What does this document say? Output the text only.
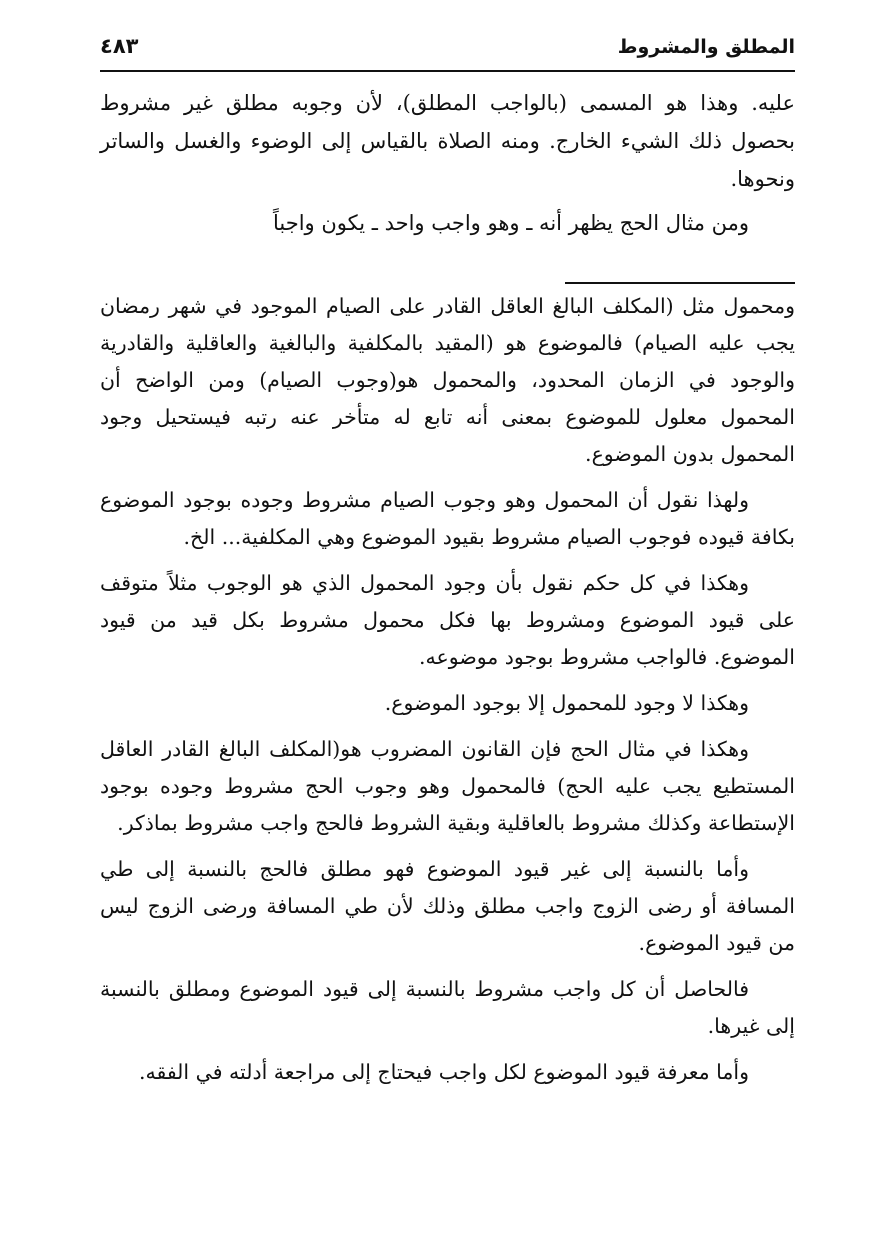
المطلق والمشروط
٤٨٣

عليه. وهذا هو المسمى (بالواجب المطلق)، لأن وجوبه مطلق غير مشروط بحصول ذلك الشيء الخارج. ومنه الصلاة بالقياس إلى الوضوء والغسل والساتر ونحوها.

ومن مثال الحج يظهر أنه ـ وهو واجب واحد ـ يكون واجباً

ومحمول مثل (المكلف البالغ العاقل القادر على الصيام الموجود في شهر رمضان يجب عليه الصيام) فالموضوع هو (المقيد بالمكلفية والبالغية والعاقلية والقادرية والوجود في الزمان المحدود، والمحمول هو(وجوب الصيام) ومن الواضح أن المحمول معلول للموضوع بمعنى أنه تابع له متأخر عنه رتبه فيستحيل وجود المحمول بدون الموضوع.

ولهذا نقول أن المحمول وهو وجوب الصيام مشروط وجوده بوجود الموضوع بكافة قيوده فوجوب الصيام مشروط بقيود الموضوع وهي المكلفية... الخ.

وهكذا في كل حكم نقول بأن وجود المحمول الذي هو الوجوب مثلاً متوقف على قيود الموضوع ومشروط بها فكل محمول مشروط بكل قيد من قيود الموضوع. فالواجب مشروط بوجود موضوعه.

وهكذا لا وجود للمحمول إلا بوجود الموضوع.

وهكذا في مثال الحج فإن القانون المضروب هو(المكلف البالغ القادر العاقل المستطيع يجب عليه الحج) فالمحمول وهو وجوب الحج مشروط وجوده بوجود الإستطاعة وكذلك مشروط بالعاقلية وبقية الشروط فالحج واجب مشروط بماذكر.

وأما بالنسبة إلى غير قيود الموضوع فهو مطلق فالحج بالنسبة إلى طي المسافة أو رضى الزوج واجب مطلق وذلك لأن طي المسافة ورضى الزوج ليس من قيود الموضوع.

فالحاصل أن كل واجب مشروط بالنسبة إلى قيود الموضوع ومطلق بالنسبة إلى غيرها.

وأما معرفة قيود الموضوع لكل واجب فيحتاج إلى مراجعة أدلته في الفقه.
